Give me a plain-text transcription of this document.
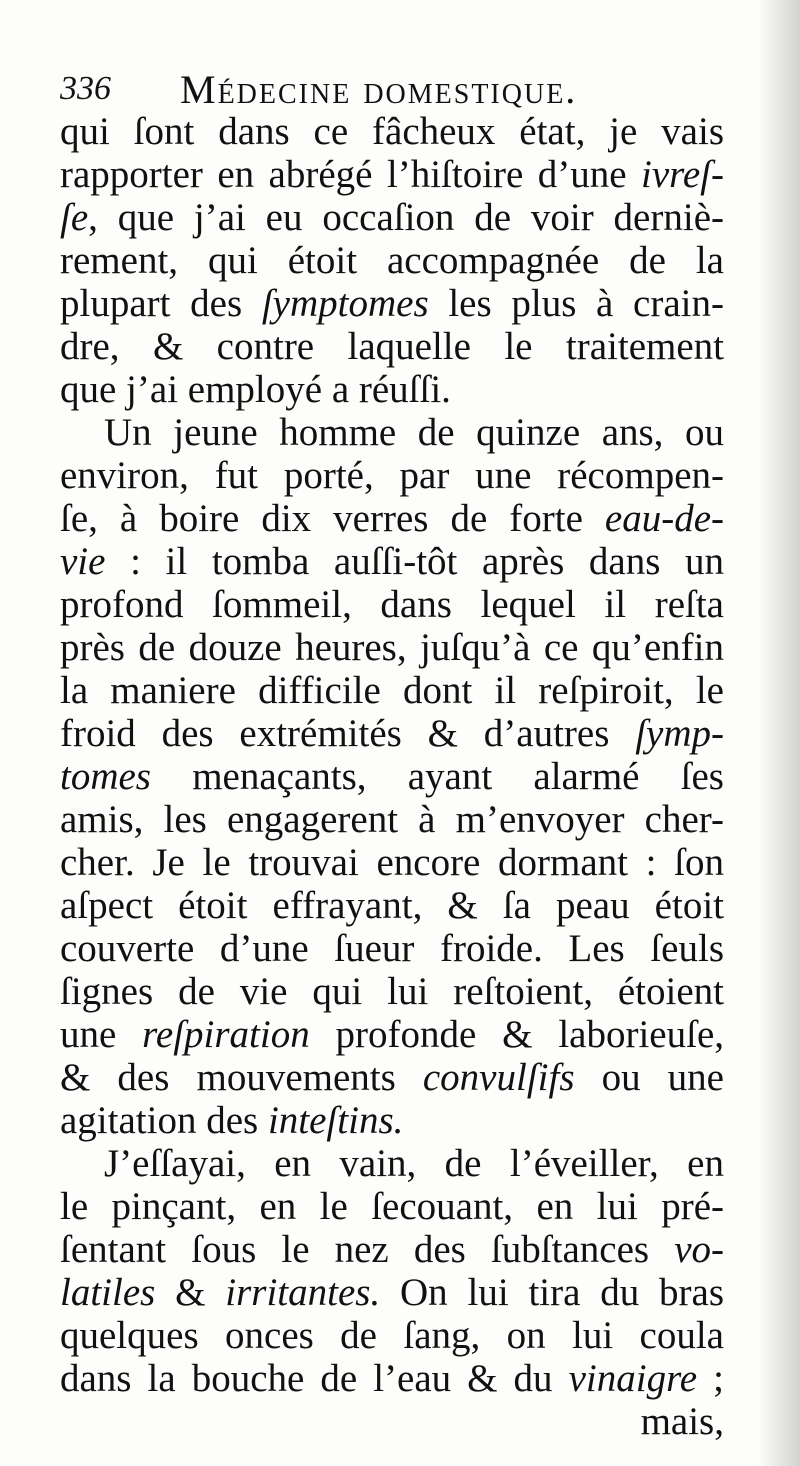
336 Médecine domestique.
qui ſont dans ce fâcheux état, je vais
rapporter en abrégé l’hiſtoire d’une ivreſ-
ſe, que j’ai eu occaſion de voir derniè-
rement, qui étoit accompagnée de la
plupart des ſymptomes les plus à crain-
dre, & contre laquelle le traitement
que j’ai employé a réuſſi.
Un jeune homme de quinze ans, ou
environ, fut porté, par une récompen-
ſe, à boire dix verres de forte eau-de-
vie : il tomba auſſi-tôt après dans un
profond ſommeil, dans lequel il reſta
près de douze heures, juſqu’à ce qu’enfin
la maniere difficile dont il reſpiroit, le
froid des extrémités & d’autres ſymp-
tomes menaçants, ayant alarmé ſes
amis, les engagerent à m’envoyer cher-
cher. Je le trouvai encore dormant : ſon
aſpect étoit effrayant, & ſa peau étoit
couverte d’une ſueur froide. Les ſeuls
ſignes de vie qui lui reſtoient, étoient
une reſpiration profonde & laborieuſe,
& des mouvements convulſifs ou une
agitation des inteſtins.
J’eſſayai, en vain, de l’éveiller, en
le pinçant, en le ſecouant, en lui pré-
ſentant ſous le nez des ſubſtances vo-
latiles & irritantes. On lui tira du bras
quelques onces de ſang, on lui coula
dans la bouche de l’eau & du vinaigre ;
mais,
